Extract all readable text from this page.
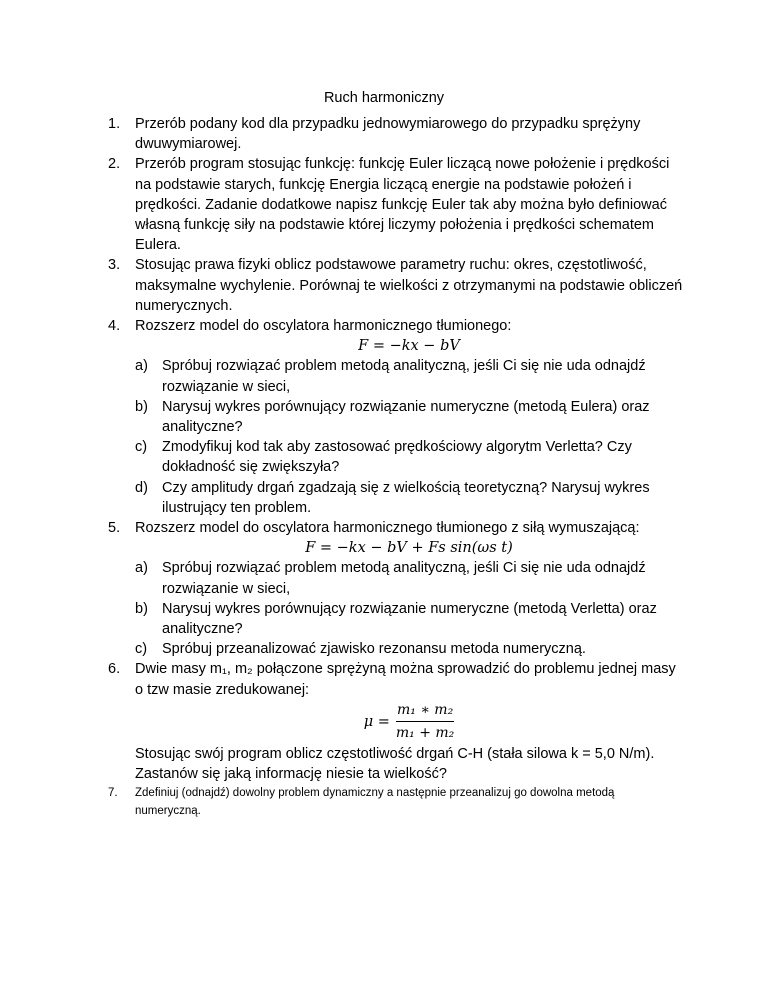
Ruch harmoniczny
1. Przerób podany kod dla przypadku jednowymiarowego do przypadku sprężyny dwuwymiarowej.
2. Przerób program stosując funkcję: funkcję Euler liczącą nowe położenie i prędkości na podstawie starych, funkcję Energia liczącą energie na podstawie położeń i prędkości. Zadanie dodatkowe napisz funkcję Euler tak aby można było definiować własną funkcję siły na podstawie której liczymy położenia i prędkości schematem Eulera.
3. Stosując prawa fizyki oblicz podstawowe parametry ruchu: okres, częstotliwość, maksymalne wychylenie. Porównaj te wielkości z otrzymanymi na podstawie obliczeń numerycznych.
4. Rozszerz model do oscylatora harmonicznego tłumionego:
F = −kx − bV
a) Spróbuj rozwiązać problem metodą analityczną, jeśli Ci się nie uda odnajdź rozwiązanie w sieci,
b) Narysuj wykres porównujący rozwiązanie numeryczne (metodą Eulera) oraz analityczne?
c) Zmodyfikuj kod tak aby zastosować prędkościowy algorytm Verletta? Czy dokładność się zwiększyła?
d) Czy amplitudy drgań zgadzają się z wielkością teoretyczną? Narysuj wykres ilustrujący ten problem.
5. Rozszerz model do oscylatora harmonicznego tłumionego z siłą wymuszającą:
F = −kx − bV + Fs sin(ωs t)
a) Spróbuj rozwiązać problem metodą analityczną, jeśli Ci się nie uda odnajdź rozwiązanie w sieci,
b) Narysuj wykres porównujący rozwiązanie numeryczne (metodą Verletta) oraz analityczne?
c) Spróbuj przeanalizować zjawisko rezonansu metoda numeryczną.
6. Dwie masy m₁, m₂ połączone sprężyną można sprowadzić do problemu jednej masy o tzw masie zredukowanej:
$\mu = \frac{\text{m₁ ∗ m₂}}{\text{m₁ + m₂}}$
Stosując swój program oblicz częstotliwość drgań C-H (stała silowa k = 5,0 N/m). Zastanów się jaką informację niesie ta wielkość?
7. Zdefiniuj (odnajdź) dowolny problem dynamiczny a następnie przeanalizuj go dowolna metodą numeryczną.
